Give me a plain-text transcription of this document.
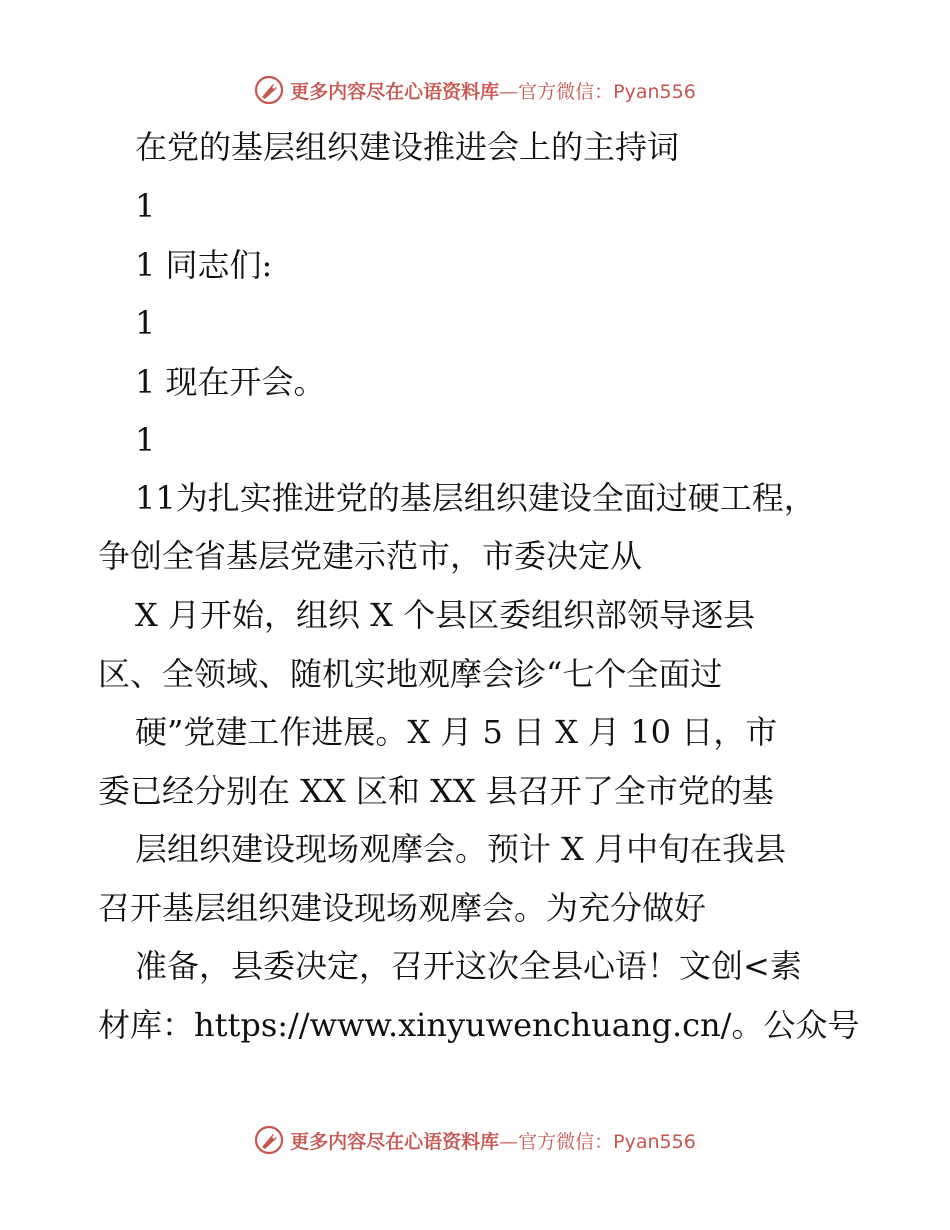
更多内容尽在心语资料库—官方微信：Pyan556
在党的基层组织建设推进会上的主持词
1
1 同志们:
1
1 现在开会。
1
11为扎实推进党的基层组织建设全面过硬工程，
争创全省基层党建示范市，市委决定从
X 月开始，组织 X 个县区委组织部领导逐县
区、全领域、随机实地观摩会诊“七个全面过
硬”党建工作进展。X 月 5 日 X 月 10 日，市
委已经分别在 XX 区和 XX 县召开了全市党的基
层组织建设现场观摩会。预计 X 月中旬在我县
召开基层组织建设现场观摩会。为充分做好
准备，县委决定，召开这次全县心语！文创<素
材库：https://www.xinyuwenchuang.cn/。公众号
更多内容尽在心语资料库—官方微信：Pyan556
